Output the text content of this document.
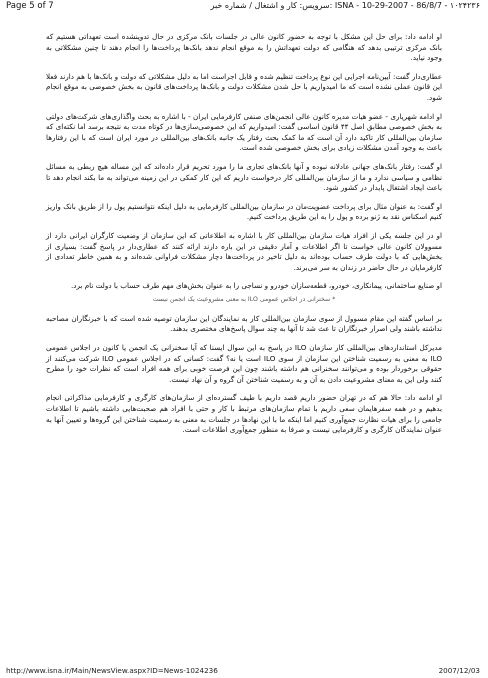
Page 5 of 7	ISNA - 10-29-2007 - 86/8/7 - ۱۰۲۴۲۳۶ :سرویس: کار و اشتغال / شماره خبر

او ادامه داد: برای حل این مشکل با توجه به حضور کانون عالی در جلسات بانک مرکزی در حال تدوینشده‌ است تعهداتی هستیم که بانک مرکزی ترتیبی بدهد که هنگامی که دولت تعهداتش را به موقع انجام ندهد بانک‌ها پرداخت‌ها را انجام دهند تا چنین مشکلاتی به وجود نیاید.

عطاری‌دار گفت: آیین‌نامه اجرایی این نوع پرداخت تنظیم شده و قابل اجراست اما به دلیل مشکلاتی که دولت و بانک‌ها با هم دارند فعلا این قانون عملی نشده است که ما امیدواریم با حل شدن مشکلات دولت و بانک‌ها پرداخت‌های قانون به بخش خصوصی به موقع انجام شود.

او ادامه شهریاری - عضو هیات مدیره کانون عالی انجمن‌های صنفی کارفرمایی ایران - با اشاره به بحث واگذاری‌های شرکت‌های دولتی به بخش خصوصی مطابق اصل ۴۴ قانون اساسی گفت: امیدواریم که این خصوصی‌سازی‌ها در کوتاه مدت به نتیجه برسد اما نکته‌ای که سازمان بین‌المللی کار تاکید دارد آن است که ما کمک بحث رفتار یک جانبه بانک‌های بین‌المللی در مورد ایران است که با این رفتارها باعث به وجود آمدن مشکلات زیادی برای بخش خصوصی شده است.

او گفت: رفتار بانک‌های جهانی عادلانه نبوده و آنها بانک‌های تجاری ما را مورد تحریم قرار داده‌اند که این مساله هیچ ربطی به مسائل نظامی و سیاسی ندارد و ما از سازمان بین‌المللی کار درخواست داریم که این کار کمکی در این زمینه می‌تواند به ما بکند انجام دهد تا باعث ایجاد اشتغال پایدار در کشور شود.

او گفت: به عنوان مثال برای پرداخت عضویت‌مان در سازمان بین‌المللی کارفرمایی به دلیل اینکه نتوانستیم پول را از طریق بانک واریز کنیم اسکناس نقد به ژنو برده و پول را به این طریق پرداخت کنیم.

او در این جلسه یکی از افراد هیات سازمان بین‌المللی کار با اشاره به اطلاعاتی که این سازمان از وضعیت کارگران ایرانی دارد از مسوولان کانون عالی خواست تا اگر اطلاعات و آمار دقیقی در این باره دارند ارائه کنند که عطاری‌دار در پاسخ گفت: بسیاری از بخش‌هایی که با دولت طرف حساب بوده‌اند به دلیل تاخیر در پرداخت‌ها دچار مشکلات فراوانی شده‌اند و به همین خاطر تعدادی از کارفرمایان در حال حاضر در زندان به سر می‌برند.

او صنایع ساختمانی، پیمانکاری، خودرو، قطعه‌سازان خودرو و نساجی را به عنوان بخش‌های مهم طرف حساب با دولت نام برد.

* سخنرانی در اجلاس عمومی ILO به معنی مشروعیت یک انجمن نیست

بر اساس گفته این مقام مسوول از سوی سازمان بین‌المللی کار به نمایندگان این سازمان توصیه شده است که با خبرنگاران مصاحبه نداشته باشند ولی اصرار خبرنگاران تا عث شد تا آنها به چند سوال پاسخ‌های مختصری بدهند.

مدیرکل استانداردهای بین‌المللی کار سازمان ILO در پاسخ به این سوال ایسنا که آیا سخنرانی یک انجمن یا کانون در اجلاس عمومی ILO به معنی به رسمیت شناختن این سازمان از سوی ILO است یا نه؟ گفت: کسانی که در اجلاس عمومی ILO شرکت می‌کنند از حقوقی برخوردار بوده و می‌توانند سخنرانی هم داشته باشند چون این فرصت خوبی برای همه افراد است که نظرات خود را مطرح کنند ولی این به معنای مشروعیت دادن به آن و به رسمیت شناختن آن گروه و آن نهاد نیست.

او ادامه داد: حالا هم که در تهران حضور داریم قصد داریم با طیف گسترده‌ای از سازمان‌های کارگری و کارفرمایی مذاکراتی انجام بدهیم و در همه سفرهایمان سعی داریم با تمام سازمان‌های مرتبط با کار و حتی با افراد هم صحبت‌هایی داشته باشیم تا اطلاعات جامعی را برای هیات نظارت جمع‌آوری کنیم اما اینکه ما با این نهادها در جلسات به معنی به رسمیت شناختن این گروه‌ها و تعیین آنها به عنوان نمایندگان کارگری و کارفرمایی نیست و صرفا به منظور جمع‌آوری اطلاعات است.

http://www.isna.ir/Main/NewsView.aspx?ID=News-1024236	2007/12/03
